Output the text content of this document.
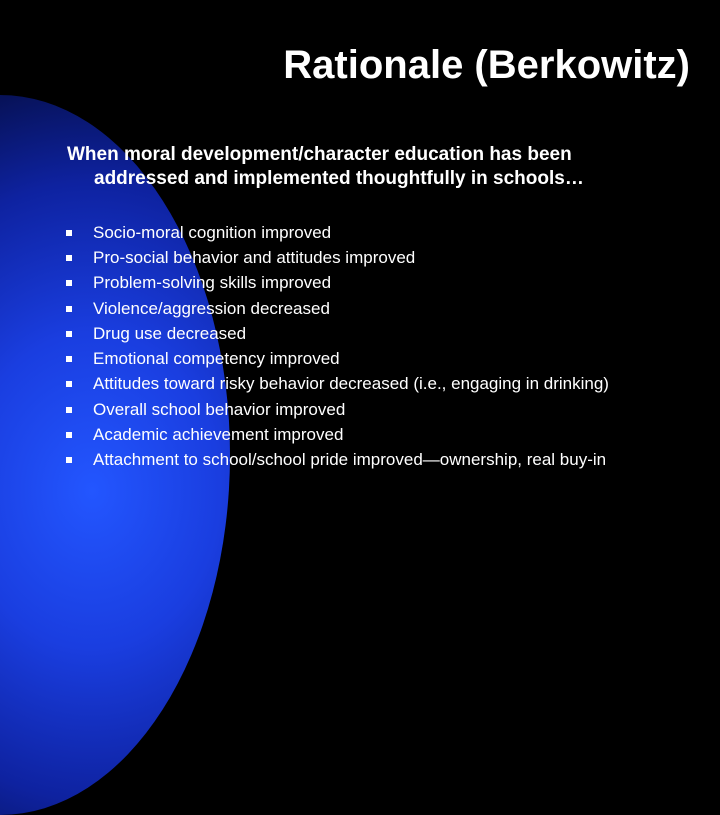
Rationale (Berkowitz)

When moral development/character education has been
addressed and implemented thoughtfully in schools…

Socio-moral cognition improved
Pro-social behavior and attitudes improved
Problem-solving skills improved
Violence/aggression decreased
Drug use decreased
Emotional competency improved
Attitudes toward risky behavior decreased (i.e., engaging in drinking)
Overall school behavior improved
Academic achievement improved
Attachment to school/school pride improved—ownership, real buy-in
